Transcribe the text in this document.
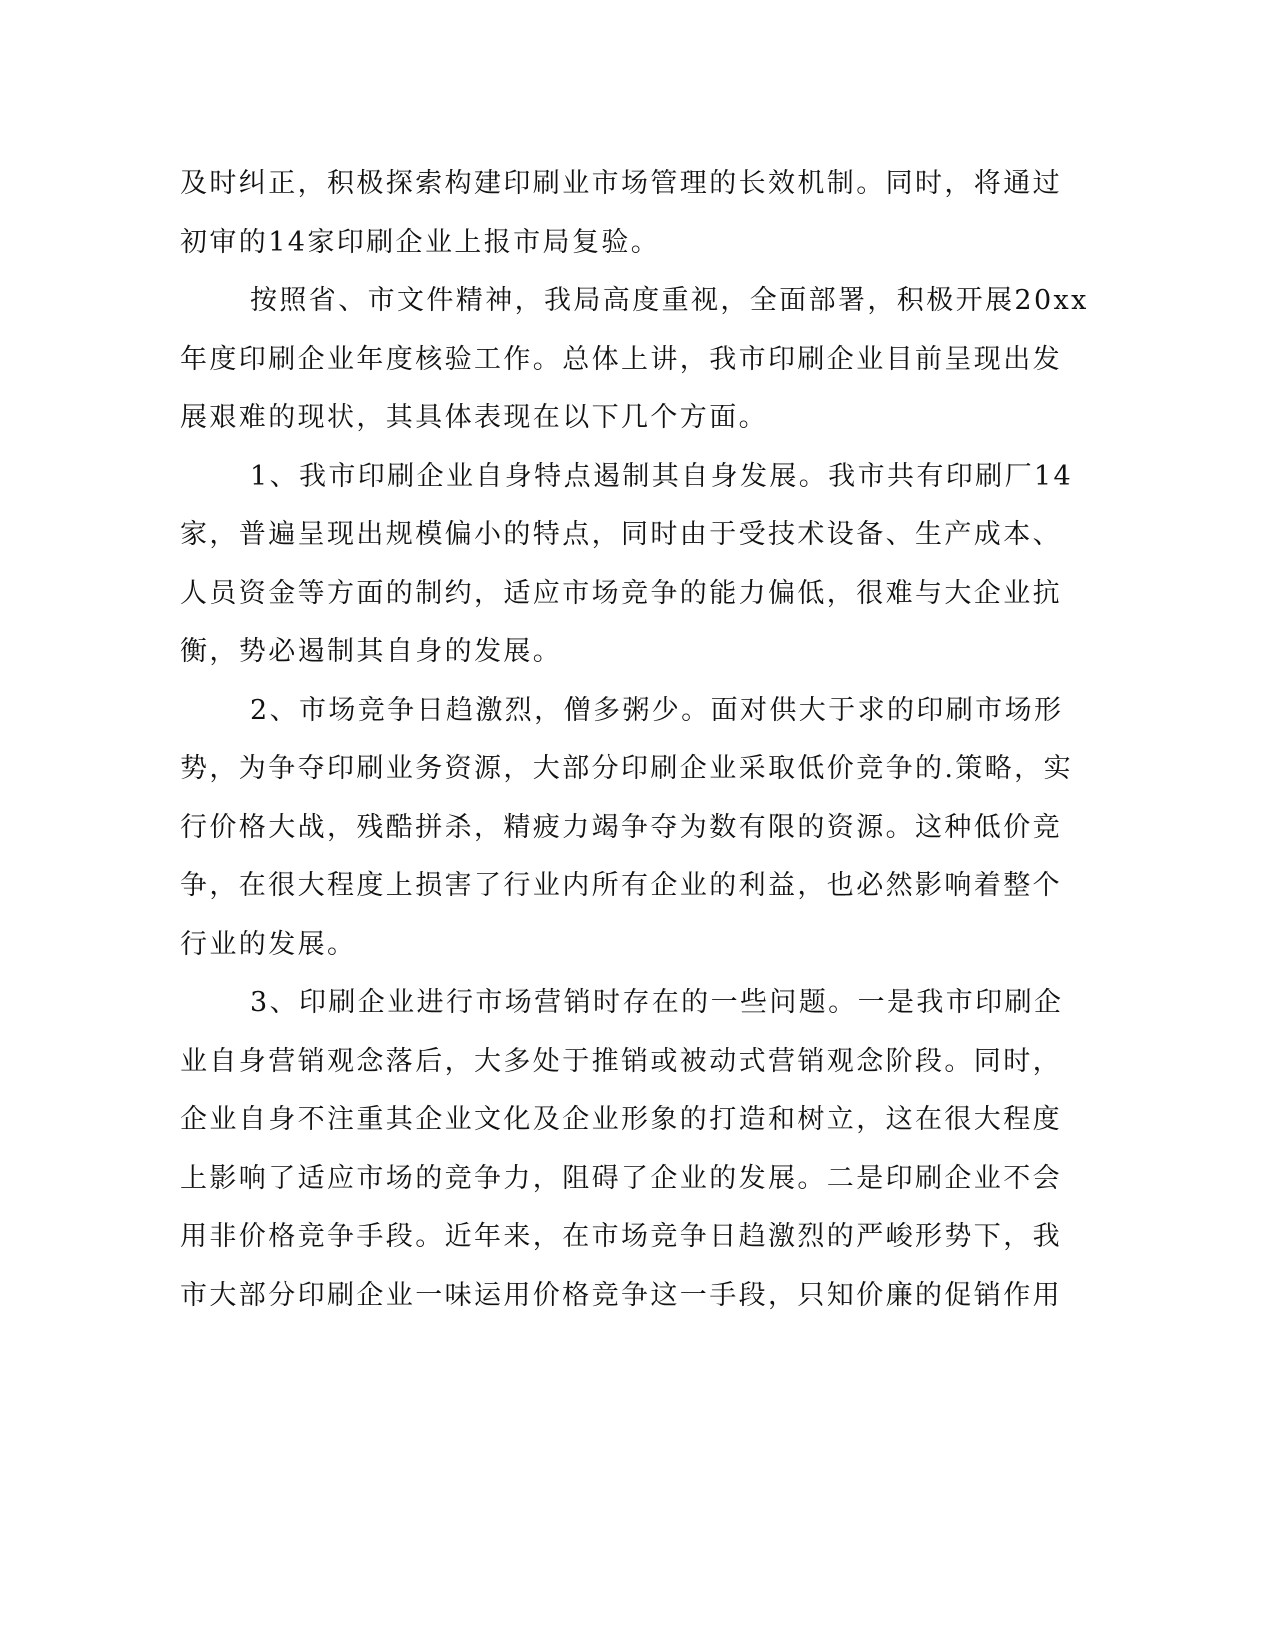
及时纠正，积极探索构建印刷业市场管理的长效机制。同时，将通过
初审的14家印刷企业上报市局复验。
按照省、市文件精神，我局高度重视，全面部署，积极开展20xx
年度印刷企业年度核验工作。总体上讲，我市印刷企业目前呈现出发
展艰难的现状，其具体表现在以下几个方面。
1、我市印刷企业自身特点遏制其自身发展。我市共有印刷厂14
家，普遍呈现出规模偏小的特点，同时由于受技术设备、生产成本、
人员资金等方面的制约，适应市场竞争的能力偏低，很难与大企业抗
衡，势必遏制其自身的发展。
2、市场竞争日趋激烈，僧多粥少。面对供大于求的印刷市场形
势，为争夺印刷业务资源，大部分印刷企业采取低价竞争的.策略，实
行价格大战，残酷拼杀，精疲力竭争夺为数有限的资源。这种低价竞
争，在很大程度上损害了行业内所有企业的利益，也必然影响着整个
行业的发展。
3、印刷企业进行市场营销时存在的一些问题。一是我市印刷企
业自身营销观念落后，大多处于推销或被动式营销观念阶段。同时，
企业自身不注重其企业文化及企业形象的打造和树立，这在很大程度
上影响了适应市场的竞争力，阻碍了企业的发展。二是印刷企业不会
用非价格竞争手段。近年来，在市场竞争日趋激烈的严峻形势下，我
市大部分印刷企业一味运用价格竞争这一手段，只知价廉的促销作用
